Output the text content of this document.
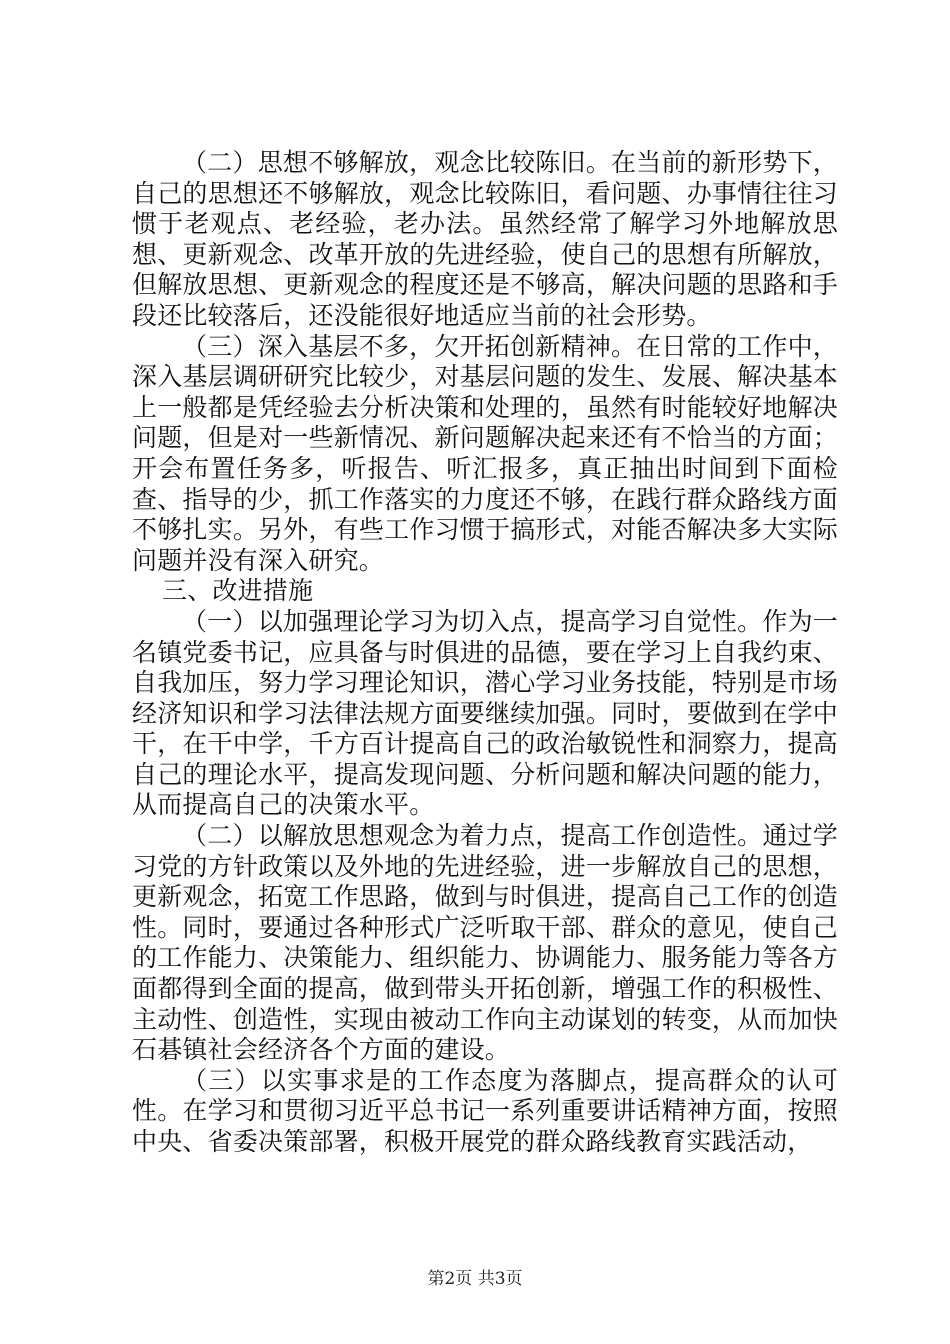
（二）思想不够解放，观念比较陈旧。在当前的新形势下，自己的思想还不够解放，观念比较陈旧，看问题、办事情往往习惯于老观点、老经验，老办法。虽然经常了解学习外地解放思想、更新观念、改革开放的先进经验，使自己的思想有所解放，但解放思想、更新观念的程度还是不够高，解决问题的思路和手段还比较落后，还没能很好地适应当前的社会形势。

（三）深入基层不多，欠开拓创新精神。在日常的工作中，深入基层调研研究比较少，对基层问题的发生、发展、解决基本上一般都是凭经验去分析决策和处理的，虽然有时能较好地解决问题，但是对一些新情况、新问题解决起来还有不恰当的方面；开会布置任务多，听报告、听汇报多，真正抽出时间到下面检查、指导的少，抓工作落实的力度还不够，在践行群众路线方面不够扎实。另外，有些工作习惯于搞形式，对能否解决多大实际问题并没有深入研究。

三、改进措施

（一）以加强理论学习为切入点，提高学习自觉性。作为一名镇党委书记，应具备与时俱进的品德，要在学习上自我约束、自我加压，努力学习理论知识，潜心学习业务技能，特别是市场经济知识和学习法律法规方面要继续加强。同时，要做到在学中干，在干中学，千方百计提高自己的政治敏锐性和洞察力，提高自己的理论水平，提高发现问题、分析问题和解决问题的能力，从而提高自己的决策水平。

（二）以解放思想观念为着力点，提高工作创造性。通过学习党的方针政策以及外地的先进经验，进一步解放自己的思想，更新观念，拓宽工作思路，做到与时俱进，提高自己工作的创造性。同时，要通过各种形式广泛听取干部、群众的意见，使自己的工作能力、决策能力、组织能力、协调能力、服务能力等各方面都得到全面的提高，做到带头开拓创新，增强工作的积极性、主动性、创造性，实现由被动工作向主动谋划的转变，从而加快石碁镇社会经济各个方面的建设。

（三）以实事求是的工作态度为落脚点，提高群众的认可性。在学习和贯彻习近平总书记一系列重要讲话精神方面，按照中央、省委决策部署，积极开展党的群众路线教育实践活动，

第2页 共3页
